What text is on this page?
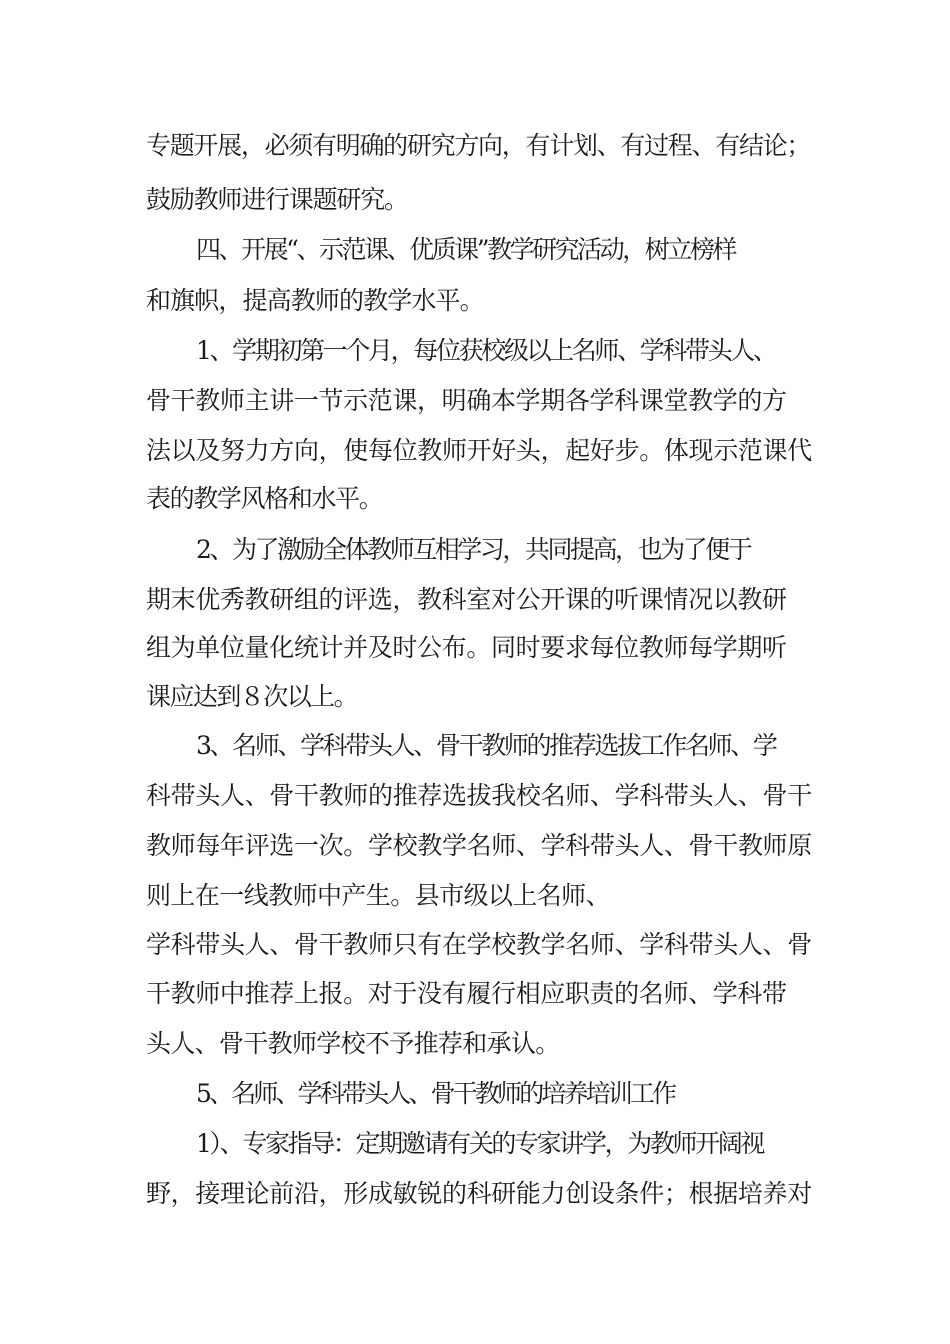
专题开展，必须有明确的研究方向，有计划、有过程、有结论；
鼓励教师进行课题研究。
四、开展“、示范课、优质课”教学研究活动，树立榜样
和旗帜，提高教师的教学水平。
1、学期初第一个月，每位获校级以上名师、学科带头人、
骨干教师主讲一节示范课，明确本学期各学科课堂教学的方
法以及努力方向，使每位教师开好头，起好步。体现示范课代
表的教学风格和水平。
2、为了激励全体教师互相学习，共同提高，也为了便于
期末优秀教研组的评选，教科室对公开课的听课情况以教研
组为单位量化统计并及时公布。同时要求每位教师每学期听
课应达到８次以上。
3、名师、学科带头人、骨干教师的推荐选拔工作名师、学
科带头人、骨干教师的推荐选拔我校名师、学科带头人、骨干
教师每年评选一次。学校教学名师、学科带头人、骨干教师原
则上在一线教师中产生。县市级以上名师、
学科带头人、骨干教师只有在学校教学名师、学科带头人、骨
干教师中推荐上报。对于没有履行相应职责的名师、学科带
头人、骨干教师学校不予推荐和承认。
5、名师、学科带头人、骨干教师的培养培训工作
1）、专家指导：定期邀请有关的专家讲学，为教师开阔视
野，接理论前沿，形成敏锐的科研能力创设条件；根据培养对
